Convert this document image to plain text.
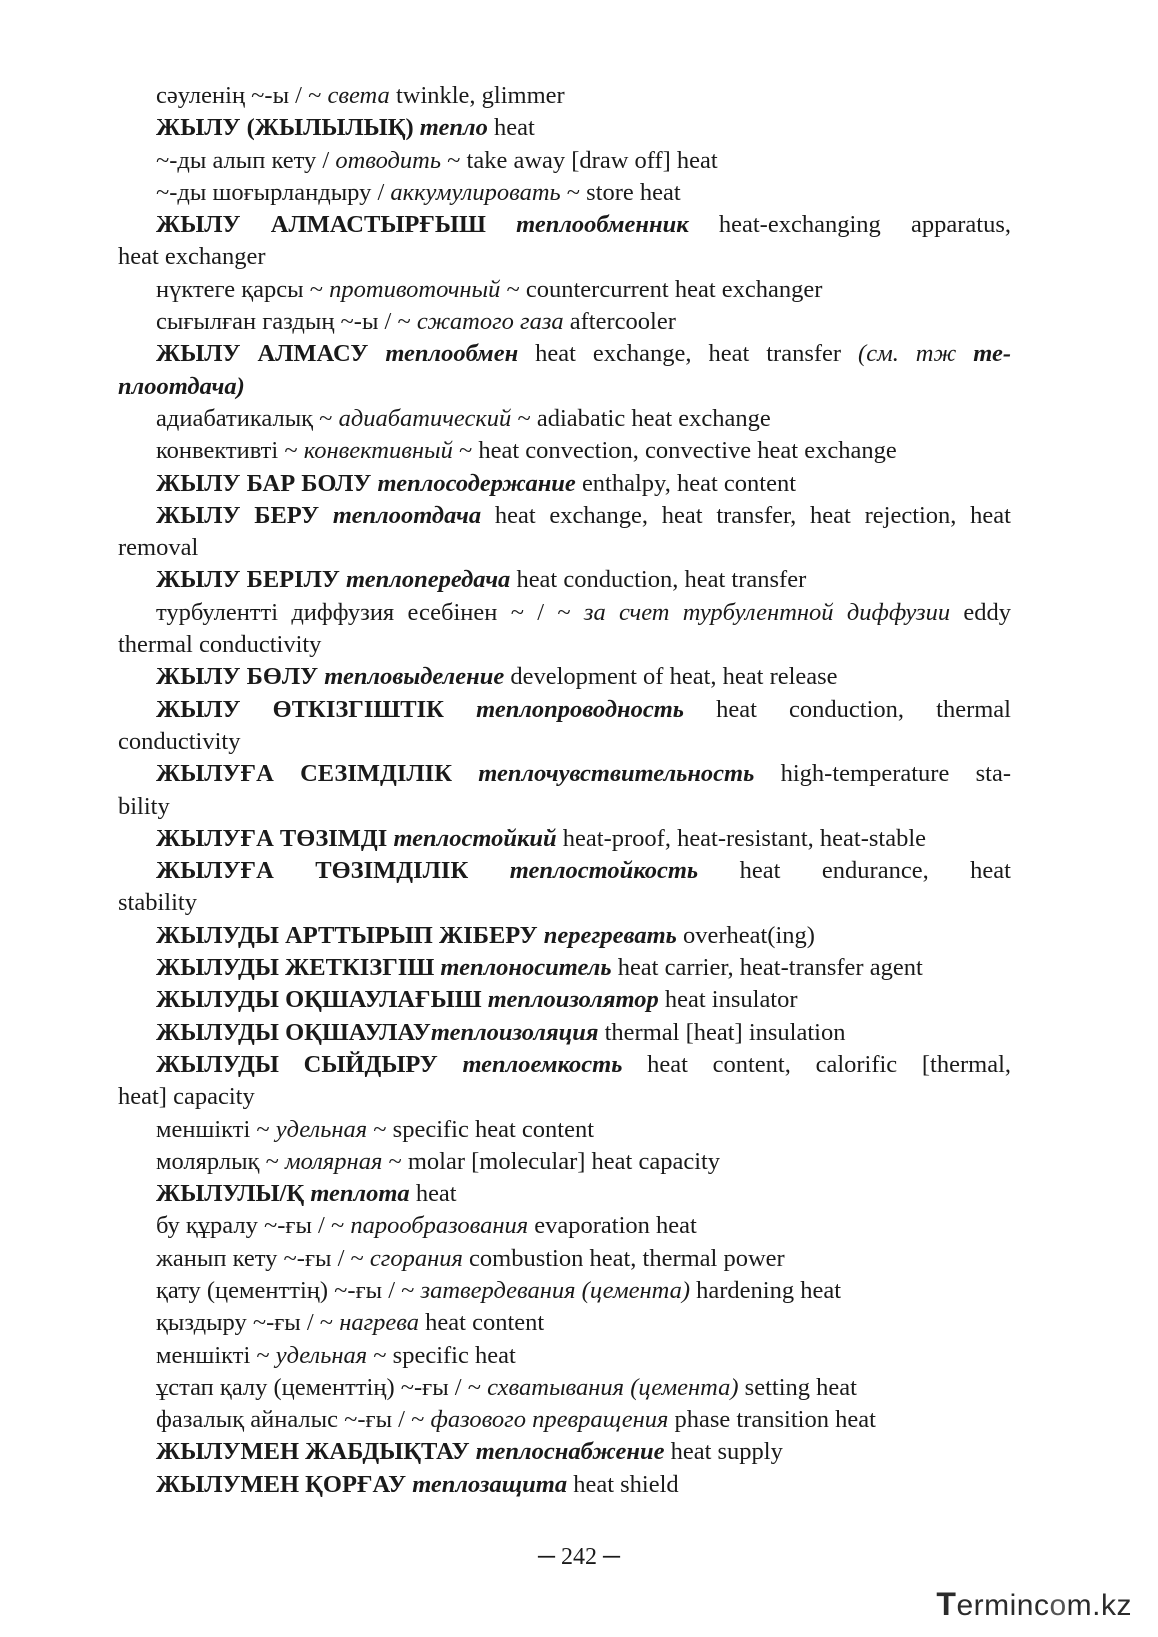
сәуленің ~-ы / ~ света twinkle, glimmer

ЖЫЛУ (ЖЫЛЫЛЫҚ) тепло heat

~-ды алып кету / отводить ~ take away [draw off] heat

~-ды шоғырландыру / аккумулировать ~ store heat

ЖЫЛУ АЛМАСТЫРҒЫШ теплообменник heat-exchanging apparatus,

heat exchanger

нүктеге қарсы ~ противоточный ~ countercurrent heat exchanger

сығылған газдың ~-ы / ~ сжатого газа aftercooler

ЖЫЛУ АЛМАСУ теплообмен heat exchange, heat transfer (см. тж те-

плоотдача)

адиабатикалық ~ адиабатический ~ adiabatic heat exchange

конвективті ~ конвективный ~ heat convection, convective heat exchange

ЖЫЛУ БАР БОЛУ теплосодержание enthalpy, heat content

ЖЫЛУ БЕРУ теплоотдача heat exchange, heat transfer, heat rejection, heat

removal

ЖЫЛУ БЕРІЛУ теплопередача heat conduction, heat transfer

турбулентті диффузия есебінен ~ / ~ за счет турбулентной диффузии eddy

thermal conductivity

ЖЫЛУ БӨЛУ тепловыделение development of heat, heat release

ЖЫЛУ ӨТКІЗГІШТІК теплопроводность heat conduction, thermal

conductivity

ЖЫЛУҒА СЕЗІМДІЛІК теплочувствительность high-temperature sta-

bility

ЖЫЛУҒА ТӨЗІМДІ теплостойкий heat-proof, heat-resistant, heat-stable

ЖЫЛУҒА ТӨЗІМДІЛІК теплостойкость heat endurance, heat

stability

ЖЫЛУДЫ АРТТЫРЫП ЖІБЕРУ перегревать overheat(ing)

ЖЫЛУДЫ ЖЕТКІЗГІШ теплоноситель heat carrier, heat-transfer agent

ЖЫЛУДЫ ОҚШАУЛАҒЫШ теплоизолятор heat insulator

ЖЫЛУДЫ ОҚШАУЛАУтеплоизоляция thermal [heat] insulation

ЖЫЛУДЫ СЫЙДЫРУ теплоемкость heat content, calorific [thermal,

heat] capacity

меншікті ~ удельная ~ specific heat content

молярлық ~ молярная ~ molar [molecular] heat capacity

ЖЫЛУЛЫ/Қ теплота heat

бу құралу ~-ғы / ~ парообразования evaporation heat

жанып кету ~-ғы / ~ сгорания combustion heat, thermal power

қату (цементтің) ~-ғы / ~ затвердевания (цемента) hardening heat

қыздыру ~-ғы / ~ нагрева heat content

меншікті ~ удельная ~ specific heat

ұстап қалу (цементтің) ~-ғы / ~ схватывания (цемента) setting heat

фазалық айналыс ~-ғы / ~ фазового превращения phase transition heat

ЖЫЛУМЕН ЖАБДЫҚТАУ теплоснабжение heat supply

ЖЫЛУМЕН ҚОРҒАУ теплозащита heat shield

─ 242 ─
Termincom.kz
